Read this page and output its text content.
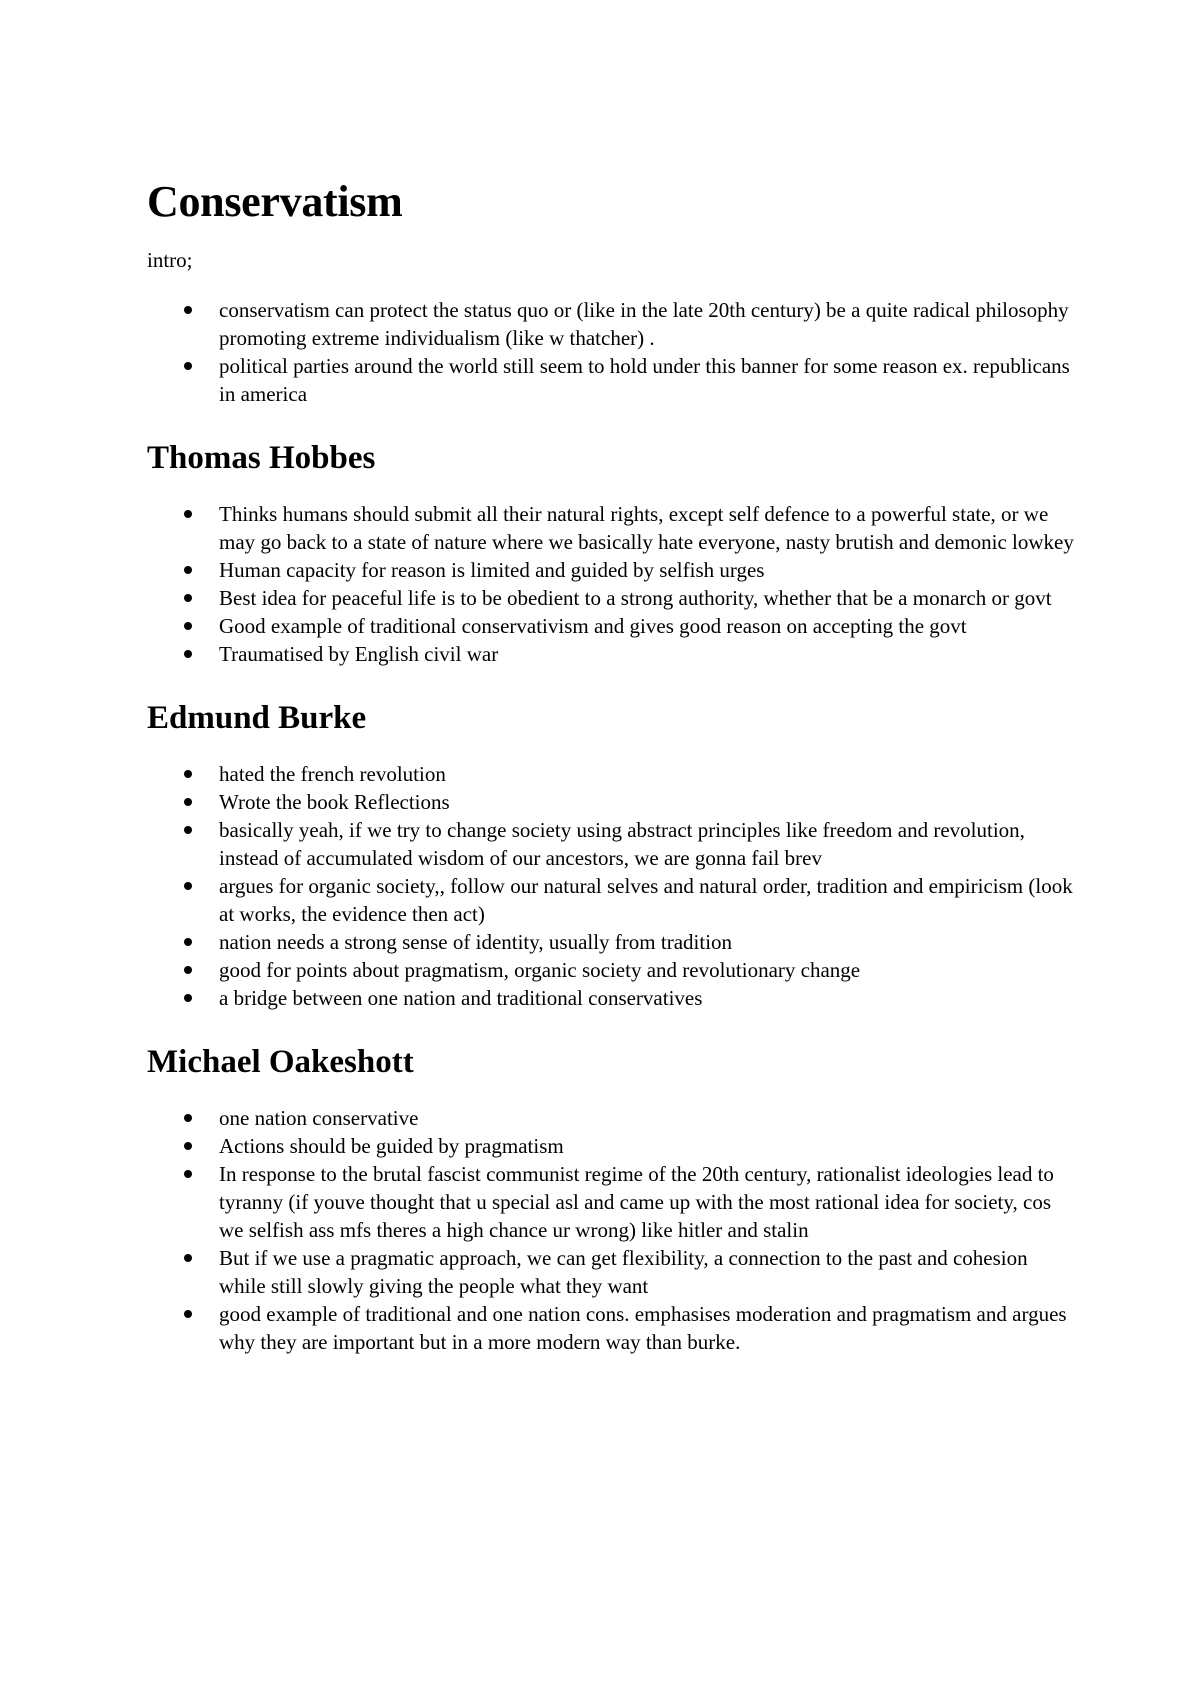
Conservatism
intro;
conservatism can protect the status quo or (like in the late 20th century) be a quite radical philosophy promoting extreme individualism (like w thatcher) .
political parties around the world still seem to hold under this banner for some reason ex. republicans in america
Thomas Hobbes
Thinks humans should submit all their natural rights, except self defence to a powerful state, or we may go back to a state of nature where we basically hate everyone, nasty brutish and demonic lowkey
Human capacity for reason is limited and guided by selfish urges
Best idea for peaceful life is to be obedient to a strong authority, whether that be a monarch or govt
Good example of traditional conservativism and gives good reason on accepting the govt
Traumatised by English civil war
Edmund Burke
hated the french revolution
Wrote the book Reflections
basically yeah, if we try to change society using abstract principles like freedom and revolution, instead of accumulated wisdom of our ancestors, we are gonna fail brev
argues for organic society,, follow our natural selves and natural order, tradition and empiricism (look at works, the evidence then act)
nation needs a strong sense of identity, usually from tradition
good for points about pragmatism, organic society and revolutionary change
a bridge between one nation and traditional conservatives
Michael Oakeshott
one nation conservative
Actions should be guided by pragmatism
In response to the brutal fascist communist regime of the 20th century, rationalist ideologies lead to tyranny (if youve thought that u special asl and came up with the most rational idea for society, cos we selfish ass mfs theres a high chance ur wrong) like hitler and stalin
But if we use a pragmatic approach, we can get flexibility, a connection to the past and cohesion while still slowly giving the people what they want
good example of traditional and one nation cons. emphasises moderation and pragmatism and argues why they are important but in a more modern way than burke.
